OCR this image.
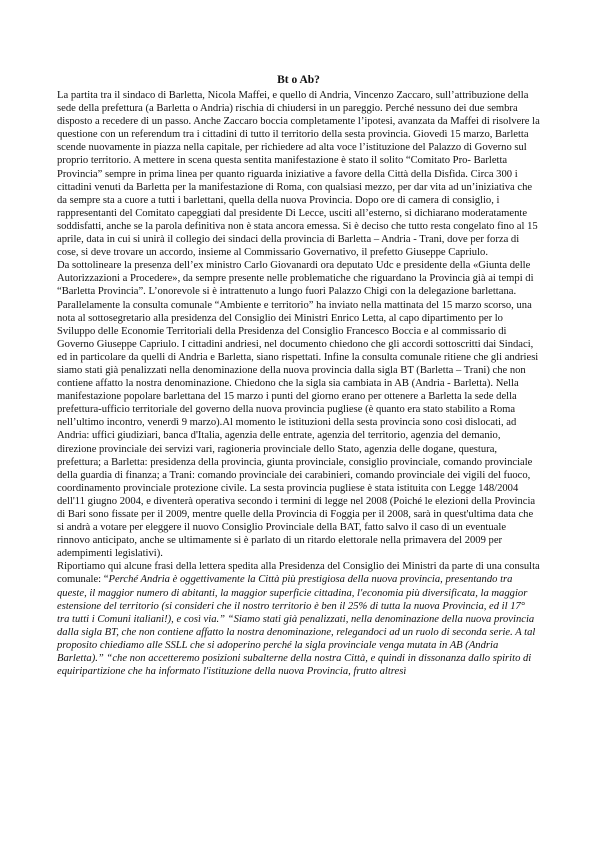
Bt o Ab?

La partita tra il sindaco di Barletta, Nicola Maffei, e quello di Andria, Vincenzo Zaccaro, sull’attribuzione della sede della prefettura (a Barletta o Andria) rischia di chiudersi in un pareggio. Perché nessuno dei due sembra disposto a recedere di un passo. Anche Zaccaro boccia completamente l’ipotesi, avanzata da Maffei di risolvere la questione con un referendum tra i cittadini di tutto il territorio della sesta provincia. Giovedì 15 marzo, Barletta scende nuovamente in piazza nella capitale, per richiedere ad alta voce l’istituzione del Palazzo di Governo sul proprio territorio. A mettere in scena questa sentita manifestazione è stato il solito “Comitato Pro- Barletta Provincia” sempre in prima linea per quanto riguarda iniziative a favore della Città della Disfida. Circa 300 i cittadini venuti da Barletta per la manifestazione di Roma, con qualsiasi mezzo, per dar vita ad un’iniziativa che da sempre sta a cuore a tutti i barlettani, quella della nuova Provincia. Dopo ore di camera di consiglio, i rappresentanti del Comitato capeggiati dal presidente Di Lecce, usciti all’esterno, si dichiarano moderatamente soddisfatti, anche se la parola definitiva non è stata ancora emessa. Si è deciso che tutto resta congelato fino al 15 aprile, data in cui si unirà il collegio dei sindaci della provincia di Barletta – Andria - Trani, dove per forza di cose, si deve trovare un accordo, insieme al Commissario Governativo, il prefetto Giuseppe Capriulo.

Da sottolineare la presenza dell’ex ministro Carlo Giovanardi ora deputato Udc e presidente della «Giunta delle Autorizzazioni a Procedere», da sempre presente nelle problematiche che riguardano la Provincia già ai tempi di “Barletta Provincia”. L’onorevole si è intrattenuto a lungo fuori Palazzo Chigi con la delegazione barlettana. Parallelamente la consulta comunale “Ambiente e territorio” ha inviato nella mattinata del 15 marzo scorso, una nota al sottosegretario alla presidenza del Consiglio dei Ministri Enrico Letta, al capo dipartimento per lo Sviluppo delle Economie Territoriali della Presidenza del Consiglio Francesco Boccia e al commissario di Governo Giuseppe Capriulo. I cittadini andriesi, nel documento chiedono che gli accordi sottoscritti dai Sindaci, ed in particolare da quelli di Andria e Barletta, siano rispettati. Infine la consulta comunale ritiene che gli andriesi siamo stati già penalizzati nella denominazione della nuova provincia dalla sigla BT (Barletta – Trani) che non contiene affatto la nostra denominazione. Chiedono che la sigla sia cambiata in AB (Andria - Barletta). Nella manifestazione popolare barlettana del 15 marzo i punti del giorno erano per ottenere a Barletta la sede della prefettura-ufficio territoriale del governo della nuova provincia pugliese (è quanto era stato stabilito a Roma nell’ultimo incontro, venerdì 9 marzo).Al momento le istituzioni della sesta provincia sono così dislocati, ad Andria: uffici giudiziari, banca d'Italia, agenzia delle entrate, agenzia del territorio, agenzia del demanio, direzione provinciale dei servizi vari, ragioneria provinciale dello Stato, agenzia delle dogane, questura, prefettura; a Barletta: presidenza della provincia, giunta provinciale, consiglio provinciale, comando provinciale della guardia di finanza; a Trani: comando provinciale dei carabinieri, comando provinciale dei vigili del fuoco, coordinamento provinciale protezione civile. La sesta provincia pugliese è stata istituita con Legge 148/2004 dell'11 giugno 2004, e diventerà operativa secondo i termini di legge nel 2008 (Poiché le elezioni della Provincia di Bari sono fissate per il 2009, mentre quelle della Provincia di Foggia per il 2008, sarà in quest'ultima data che si andrà a votare per eleggere il nuovo Consiglio Provinciale della BAT, fatto salvo il caso di un eventuale rinnovo anticipato, anche se ultimamente si è parlato di un ritardo elettorale nella primavera del 2009 per adempimenti legislativi).

Riportiamo qui alcune frasi della lettera spedita alla Presidenza del Consiglio dei Ministri da parte di una consulta comunale: “Perché Andria è oggettivamente la Città più prestigiosa della nuova provincia, presentando tra queste, il maggior numero di abitanti, la maggior superficie cittadina, l'economia più diversificata, la maggior estensione del territorio (si consideri che il nostro territorio è ben il 25% di tutta la nuova Provincia, ed il 17° tra tutti i Comuni italiani!), e così via.” “Siamo stati già penalizzati, nella denominazione della nuova provincia dalla sigla BT, che non contiene affatto la nostra denominazione, relegandoci ad un ruolo di seconda serie. A tal proposito chiediamo alle SSLL che si adoperino perché la sigla provinciale venga mutata in AB (Andria Barletta).” “che non accetteremo posizioni subalterne della nostra Città, e quindi in dissonanza dallo spirito di equiripartizione che ha informato l'istituzione della nuova Provincia, frutto altresì
